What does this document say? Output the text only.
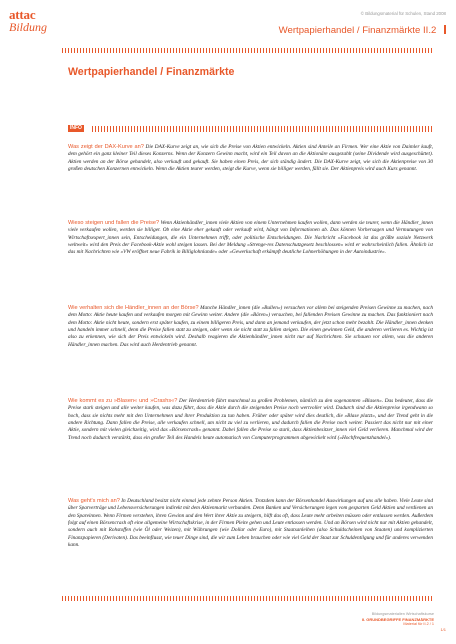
attac
Bildung
© Bildungsmaterial für Schulen, Stand 2008
Wertpapierhandel / Finanzmärkte II.2
Wertpapierhandel / Finanzmärkte
INFO
Was zeigt der DAX-Kurve an? Die DAX-Kurve zeigt an, wie sich die Preise von Aktien entwickeln. Aktien sind Anteile an Firmen. Wer eine Aktie von Daimler kauft, dem gehört ein ganz kleiner Teil dieses Konzerns. Wenn der Konzern Gewinn macht, wird ein Teil davon an die Aktionäre ausgezahlt (seine Dividende wird ausgeschüttet). Aktien werden an der Börse gehandelt, also verkauft und gekauft. Sie haben einen Preis, der sich ständig ändert. Die DAX-Kurve zeigt, wie sich die Aktienpreise von 30 großen deutschen Konzernen entwickeln. Wenn die Aktien teurer werden, steigt die Kurve, wenn sie billiger werden, fällt sie. Der Aktienpreis wird auch Kurs genannt.
Wieso steigen und fallen die Preise? Wenn Aktienhändler_innen viele Aktien von einem Unternehmen kaufen wollen, dann werden sie teurer, wenn die Händler_innen viele verkaufen wollen, werden sie billiger. Ob eine Aktie eher gekauft oder verkauft wird, hängt von Informationen ab. Das können Vorhersagen und Vermutungen von Wirtschaftsexpert_innen sein, Entscheidungen, die ein Unternehmen trifft, oder politische Entscheidungen. Die Nachricht »Facebook ist das größte soziale Netzwerk weltweit« wird den Preis der Facebook-Aktie wohl steigen lassen. Bei der Meldung »Strenge-res Datenschutzgesetz beschlossen« wird er wahrscheinlich fallen. Ähnlich ist das mit Nachrichten wie »VW eröffnet neue Fabrik in Billiglohnlande« oder »Gewerkschaft erkämpft deutliche Lohnerhöhungen in der Autoindustrie«.
Wie verhalten sich die Händler_innen an der Börse? Manche Händler_innen (die »Bullen«) versuchen vor allem bei steigenden Preisen Gewinne zu machen, nach dem Motto: Aktie heute kaufen und verkaufen morgen mit Gewinn weiter. Andere (die »Bären«) versuchen, bei fallenden Preisen Gewinne zu machen. Das funktioniert nach dem Motto: Aktie nicht heute, sondern erst später kaufen, zu einem billigeren Preis, und dann an jemand verkaufen, der jetzt schon mehr bezahlt. Die Händler_innen denken und handeln immer schnell, denn die Preise fallen statt zu steigen, oder wenn sie nicht statt zu fallen steigen. Die einen gewinnen Geld, die anderen verlieren es. Wichtig ist also zu erkennen, wie sich der Preis entwickeln wird. Deshalb reagieren die Aktienhändler_innen nicht nur auf Nachrichten. Sie schauen vor allem, was die anderen Händler_innen machen. Das wird auch Herdentrieb genannt.
Wie kommt es zu »Blasen« und »Crashs«? Der Herdentrieb führt manchmal zu großen Problemen, nämlich zu den sogenannten »Blasen«. Das bedeutet, dass die Preise stark steigen und alle weiter kaufen, was dazu führt, dass die Aktie durch die steigenden Preise noch wertvoller wird. Dadurch sind die Aktienpreise irgendwann so hoch, dass sie nichts mehr mit den Unternehmen und ihrer Produktion zu tun haben. Früher oder später wird dies deutlich, die »Blase platzt«, und der Trend geht in die andere Richtung. Dann fallen die Preise, alle verkaufen schnell, um nicht zu viel zu verlieren, und dadurch fallen die Preise noch weiter. Passiert das nicht nur mit einer Aktie, sondern mit vielen gleichzeitig, wird das »Börsencrash« genannt. Dabei fallen die Preise so stark, dass Aktienbesitzer_innen viel Geld verlieren. Manchmal wird der Trend noch dadurch verstärkt, dass ein großer Teil des Handels heute automatisch von Computerprogrammen abgewickelt wird (»Hochfrequenzhandel«).
Was geht's mich an? In Deutschland besitzt nicht einmal jede zehnte Person Aktien. Trotzdem kann der Börsenhandel Auswirkungen auf uns alle haben. Viele Leute sind über Sparverträge und Lebensversicherungen indirekt mit dem Aktienmarkt verbunden. Denn Banken und Versicherungen legen vom gesparten Geld Aktien und verdienen an den Spareinnen. Wenn Firmen verstehen, ihren Gewinn und den Wert ihrer Aktie zu steigern, hilft das oft, dass Leute mehr arbeiten müssen oder entlassen werden. Außerdem folgt auf einen Börsencrash oft eine allgemeine Wirtschaftskrise, in der Firmen Pleite gehen und Leute entlassen werden. Und an Börsen wird nicht nur mit Aktien gehandelt, sondern auch mit Rohstoffen (wie Öl oder Weizen), mit Währungen (wie Dollar oder Euro), mit Staatsanleihen (also Schuldscheinen von Staaten) und komplizierten Finanzpapieren (Derivaten). Das beeinflusst, wie teuer Dinge sind, die wir zum Leben brauchen oder wie viel Geld der Staat zur Schuldentilgung und für anderes verwenden kann.
Bildungsmaterialien Wirtschaftskurse
II. GRUNDBEGRIFFE FINANZMÄRKTE
Material für II.2 / 1
1/1
